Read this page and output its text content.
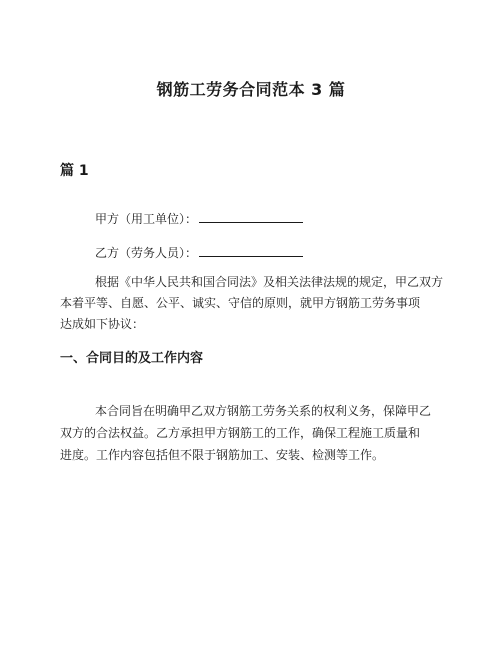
钢筋工劳务合同范本 3 篇
篇 1
甲方（用工单位）：
乙方（劳务人员）：
根据《中华人民共和国合同法》及相关法律法规的规定，甲乙双方
本着平等、自愿、公平、诚实、守信的原则，就甲方钢筋工劳务事项
达成如下协议：
一、合同目的及工作内容
本合同旨在明确甲乙双方钢筋工劳务关系的权利义务，保障甲乙
双方的合法权益。乙方承担甲方钢筋工的工作，确保工程施工质量和
进度。工作内容包括但不限于钢筋加工、安装、检测等工作。
